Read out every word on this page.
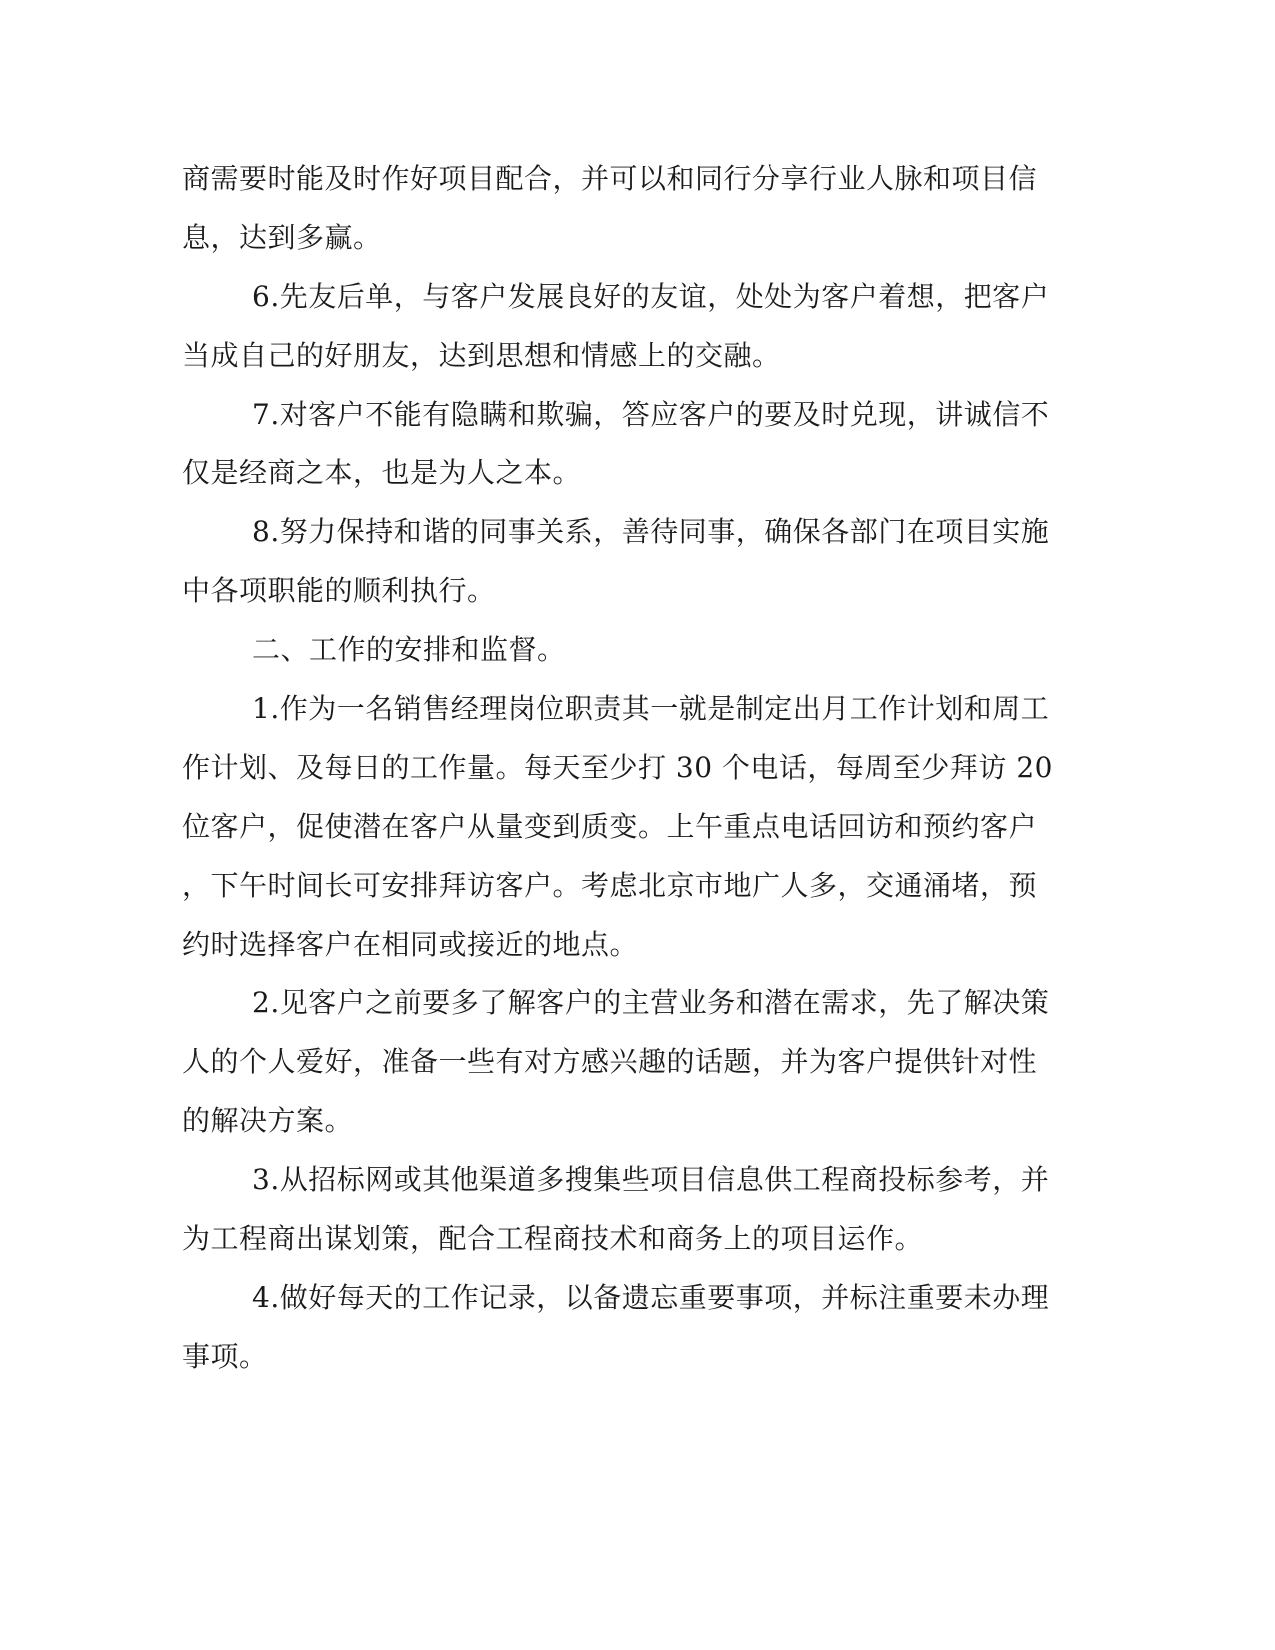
商需要时能及时作好项目配合，并可以和同行分享行业人脉和项目信
息，达到多赢。
6.先友后单，与客户发展良好的友谊，处处为客户着想，把客户
当成自己的好朋友，达到思想和情感上的交融。
7.对客户不能有隐瞒和欺骗，答应客户的要及时兑现，讲诚信不
仅是经商之本，也是为人之本。
8.努力保持和谐的同事关系，善待同事，确保各部门在项目实施
中各项职能的顺利执行。
二、工作的安排和监督。
1.作为一名销售经理岗位职责其一就是制定出月工作计划和周工
作计划、及每日的工作量。每天至少打 30 个电话，每周至少拜访 20
位客户，促使潜在客户从量变到质变。上午重点电话回访和预约客户
，下午时间长可安排拜访客户。考虑北京市地广人多，交通涌堵，预
约时选择客户在相同或接近的地点。
2.见客户之前要多了解客户的主营业务和潜在需求，先了解决策
人的个人爱好，准备一些有对方感兴趣的话题，并为客户提供针对性
的解决方案。
3.从招标网或其他渠道多搜集些项目信息供工程商投标参考，并
为工程商出谋划策，配合工程商技术和商务上的项目运作。
4.做好每天的工作记录，以备遗忘重要事项，并标注重要未办理
事项。
